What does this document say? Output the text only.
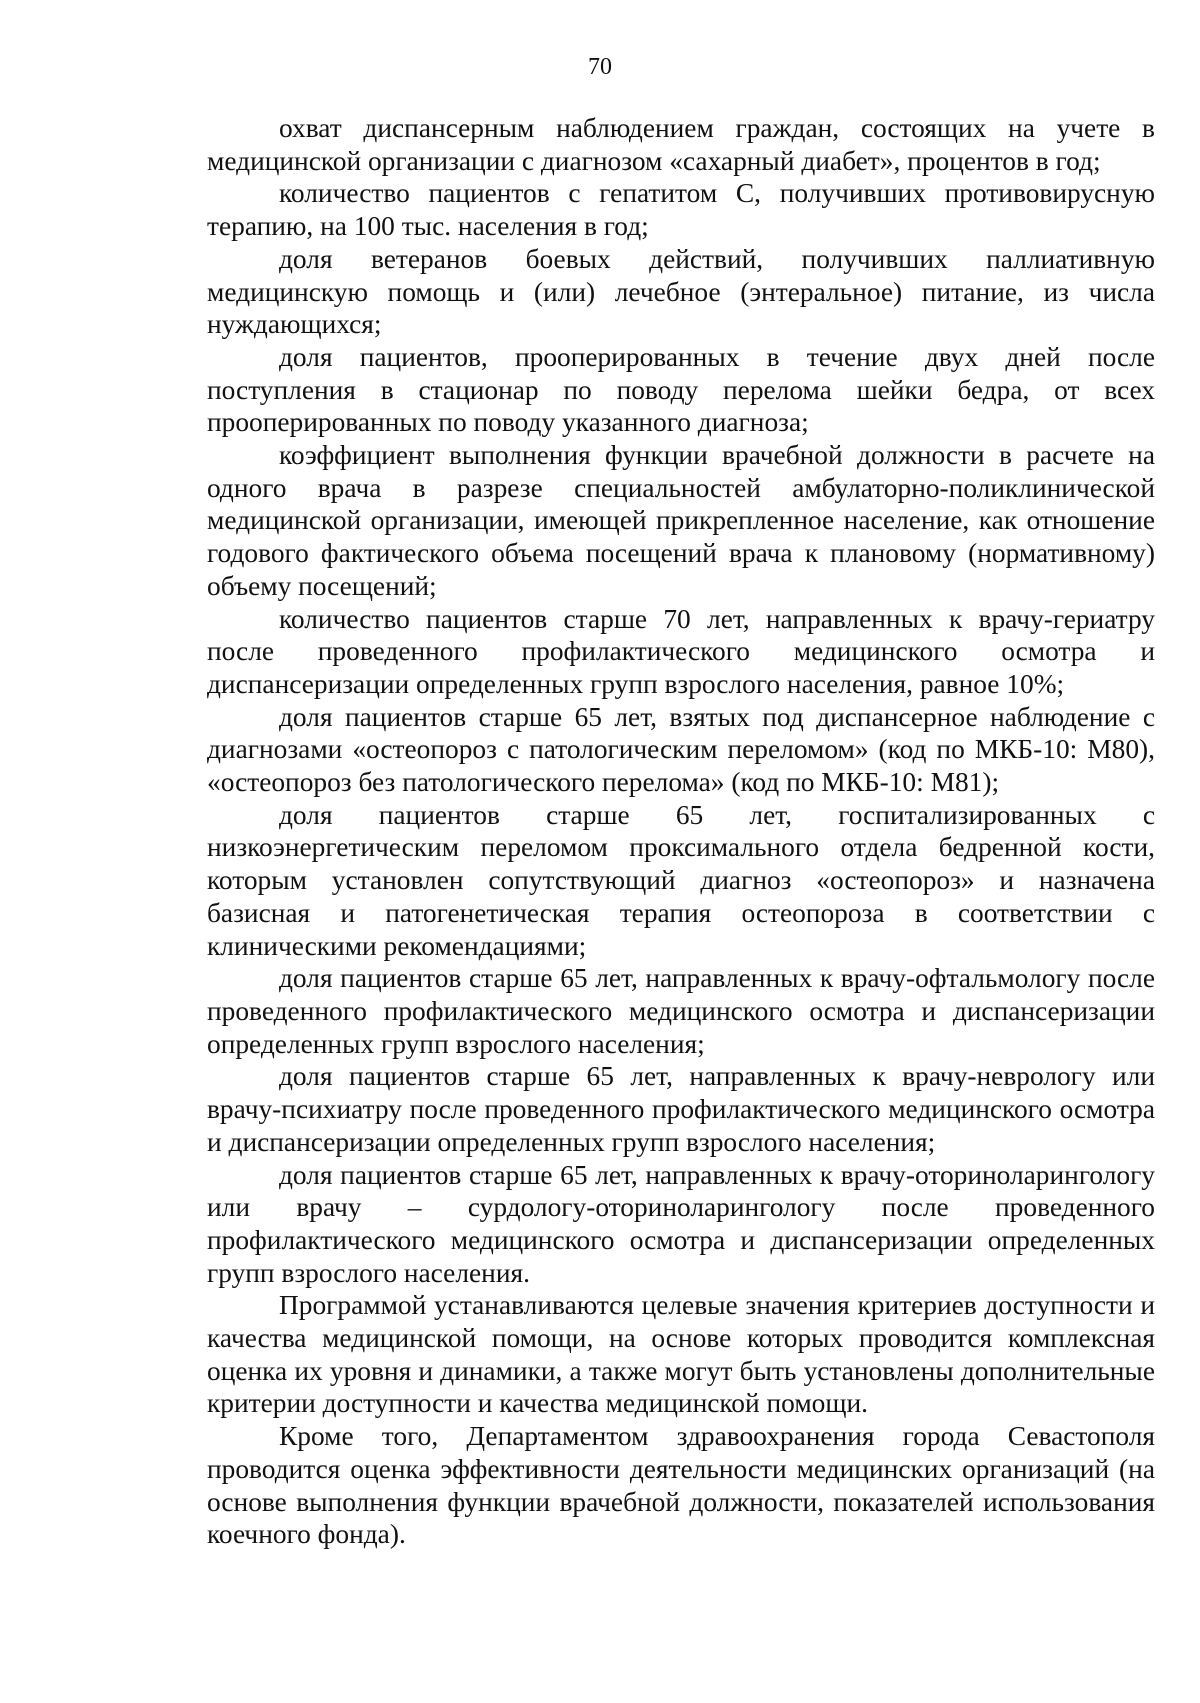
70

охват диспансерным наблюдением граждан, состоящих на учете в медицинской организации с диагнозом «сахарный диабет», процентов в год;

количество пациентов с гепатитом С, получивших противовирусную терапию, на 100 тыс. населения в год;

доля ветеранов боевых действий, получивших паллиативную медицинскую помощь и (или) лечебное (энтеральное) питание, из числа нуждающихся;

доля пациентов, прооперированных в течение двух дней после поступления в стационар по поводу перелома шейки бедра, от всех прооперированных по поводу указанного диагноза;

коэффициент выполнения функции врачебной должности в расчете на одного врача в разрезе специальностей амбулаторно-поликлинической медицинской организации, имеющей прикрепленное население, как отношение годового фактического объема посещений врача к плановому (нормативному) объему посещений;

количество пациентов старше 70 лет, направленных к врачу-гериатру после проведенного профилактического медицинского осмотра и диспансеризации определенных групп взрослого населения, равное 10%;

доля пациентов старше 65 лет, взятых под диспансерное наблюдение с диагнозами «остеопороз с патологическим переломом» (код по МКБ-10: М80), «остеопороз без патологического перелома» (код по МКБ-10: М81);

доля пациентов старше 65 лет, госпитализированных с низкоэнергетическим переломом проксимального отдела бедренной кости, которым установлен сопутствующий диагноз «остеопороз» и назначена базисная и патогенетическая терапия остеопороза в соответствии с клиническими рекомендациями;

доля пациентов старше 65 лет, направленных к врачу-офтальмологу после проведенного профилактического медицинского осмотра и диспансеризации определенных групп взрослого населения;

доля пациентов старше 65 лет, направленных к врачу-неврологу или врачу-психиатру после проведенного профилактического медицинского осмотра и диспансеризации определенных групп взрослого населения;

доля пациентов старше 65 лет, направленных к врачу-оториноларингологу или врачу – сурдологу-оториноларингологу после проведенного профилактического медицинского осмотра и диспансеризации определенных групп взрослого населения.

Программой устанавливаются целевые значения критериев доступности и качества медицинской помощи, на основе которых проводится комплексная оценка их уровня и динамики, а также могут быть установлены дополнительные критерии доступности и качества медицинской помощи.

Кроме того, Департаментом здравоохранения города Севастополя проводится оценка эффективности деятельности медицинских организаций (на основе выполнения функции врачебной должности, показателей использования коечного фонда).
